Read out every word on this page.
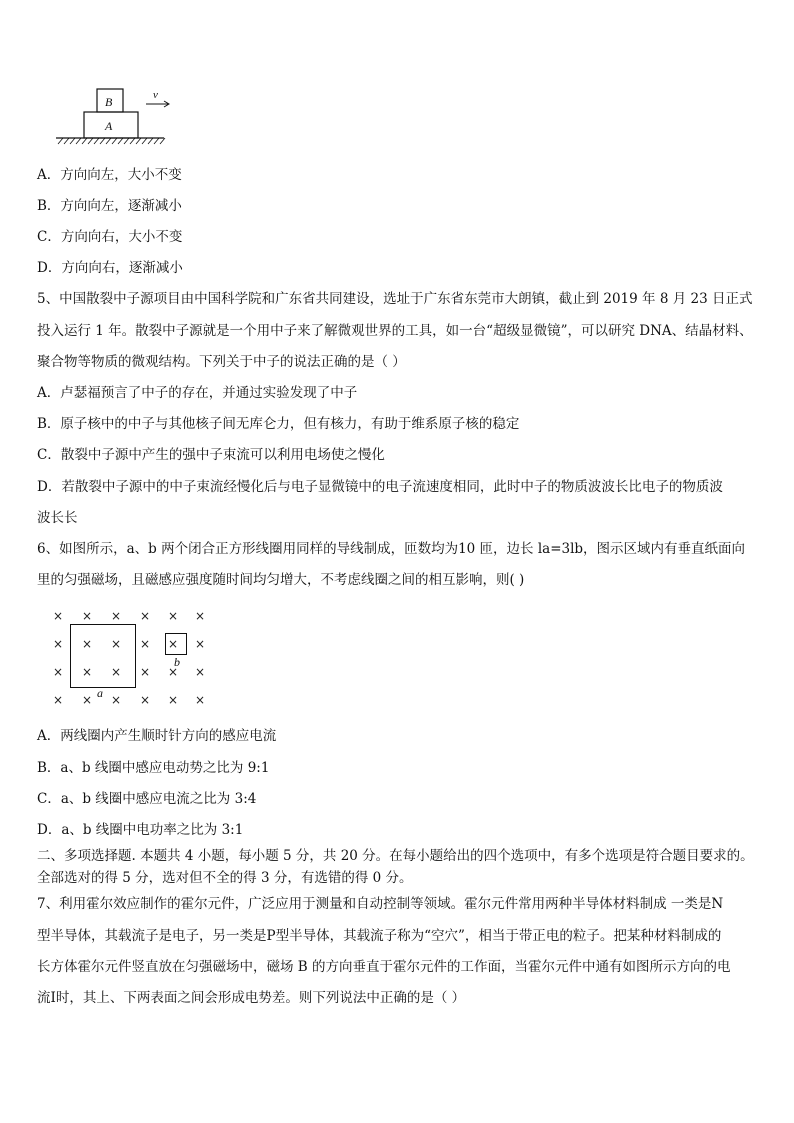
B
A
v
A．方向向左，大小不变
B．方向向左，逐渐减小
C．方向向右，大小不变
D．方向向右，逐渐减小
5、中国散裂中子源项目由中国科学院和广东省共同建设，选址于广东省东莞市大朗镇，截止到 2019 年 8 月 23 日正式
投入运行 1 年。散裂中子源就是一个用中子来了解微观世界的工具，如一台“超级显微镜”，可以研究 DNA、结晶材料、
聚合物等物质的微观结构。下列关于中子的说法正确的是（ ）
A．卢瑟福预言了中子的存在，并通过实验发现了中子
B．原子核中的中子与其他核子间无库仑力，但有核力，有助于维系原子核的稳定
C．散裂中子源中产生的强中子束流可以利用电场使之慢化
D．若散裂中子源中的中子束流经慢化后与电子显微镜中的电子流速度相同，此时中子的物质波波长比电子的物质波
波长长
6、如图所示，a、b 两个闭合正方形线圈用同样的导线制成，匝数均为10 匝，边长 la=3lb，图示区域内有垂直纸面向
里的匀强磁场，且磁感应强度随时间均匀增大，不考虑线圈之间的相互影响，则( )
× × × × × ×
× × × × × ×
× × × × × ×
× × × × × ×
a
b
A．两线圈内产生顺时针方向的感应电流
B．a、b 线圈中感应电动势之比为 9:1
C．a、b 线圈中感应电流之比为 3:4
D．a、b 线圈中电功率之比为 3:1
二、多项选择题. 本题共 4 小题，每小题 5 分，共 20 分。在每小题给出的四个选项中，有多个选项是符合题目要求的。
全部选对的得 5 分，选对但不全的得 3 分，有选错的得 0 分。
7、利用霍尔效应制作的霍尔元件，广泛应用于测量和自动控制等领域。霍尔元件常用两种半导体材料制成 一类是N
型半导体，其载流子是电子，另一类是P型半导体，其载流子称为“空穴”，相当于带正电的粒子。把某种材料制成的
长方体霍尔元件竖直放在匀强磁场中，磁场 B 的方向垂直于霍尔元件的工作面，当霍尔元件中通有如图所示方向的电
流I时，其上、下两表面之间会形成电势差。则下列说法中正确的是（ ）
